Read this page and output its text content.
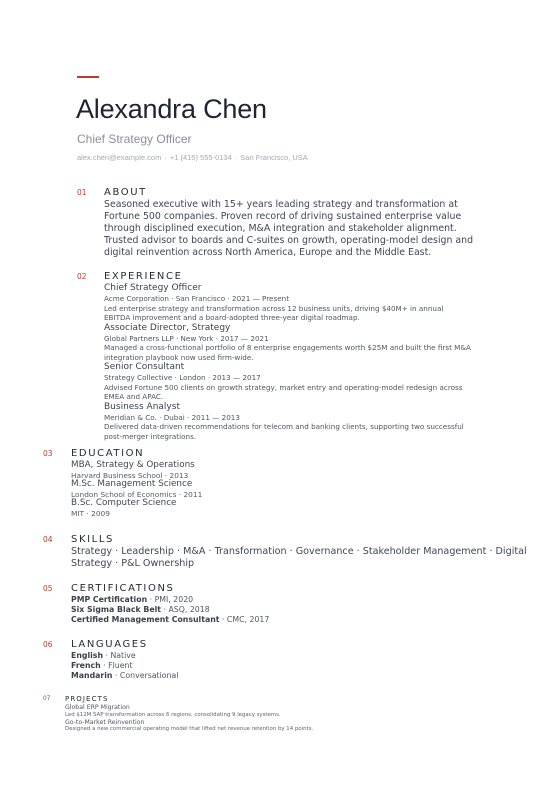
Alexandra Chen
Chief Strategy Officer
alex.chen@example.com · +1 (415) 555-0134 · San Francisco, USA
01 ABOUT
Seasoned executive with 15+ years leading strategy and transformation at
Fortune 500 companies. Proven record of driving sustained enterprise value
through disciplined execution, M&A integration and stakeholder alignment.
Trusted advisor to boards and C-suites on growth, operating-model design and
digital reinvention across North America, Europe and the Middle East.
02 EXPERIENCE
Chief Strategy Officer
Acme Corporation · San Francisco · 2021 — Present
Led enterprise strategy and transformation across 12 business units, driving $40M+ in annual
EBITDA improvement and a board-adopted three-year digital roadmap.
Associate Director, Strategy
Global Partners LLP · New York · 2017 — 2021
Managed a cross-functional portfolio of 8 enterprise engagements worth $25M and built the first M&A
integration playbook now used firm-wide.
Senior Consultant
Strategy Collective · London · 2013 — 2017
Advised Fortune 500 clients on growth strategy, market entry and operating-model redesign across
EMEA and APAC.
Business Analyst
Meridian & Co. · Dubai · 2011 — 2013
Delivered data-driven recommendations for telecom and banking clients, supporting two successful
post-merger integrations.
03 EDUCATION
MBA, Strategy & Operations
Harvard Business School · 2013
M.Sc. Management Science
London School of Economics · 2011
B.Sc. Computer Science
MIT · 2009
04 SKILLS
Strategy · Leadership · M&A · Transformation · Governance · Stakeholder Management · Digital
Strategy · P&L Ownership
05 CERTIFICATIONS
PMP Certification · PMI, 2020
Six Sigma Black Belt · ASQ, 2018
Certified Management Consultant · CMC, 2017
06 LANGUAGES
English · Native
French · Fluent
Mandarin · Conversational
07 PROJECTS
Global ERP Migration
Led $12M SAP transformation across 6 regions, consolidating 9 legacy systems.
Go-to-Market Reinvention
Designed a new commercial operating model that lifted net revenue retention by 14 points.
